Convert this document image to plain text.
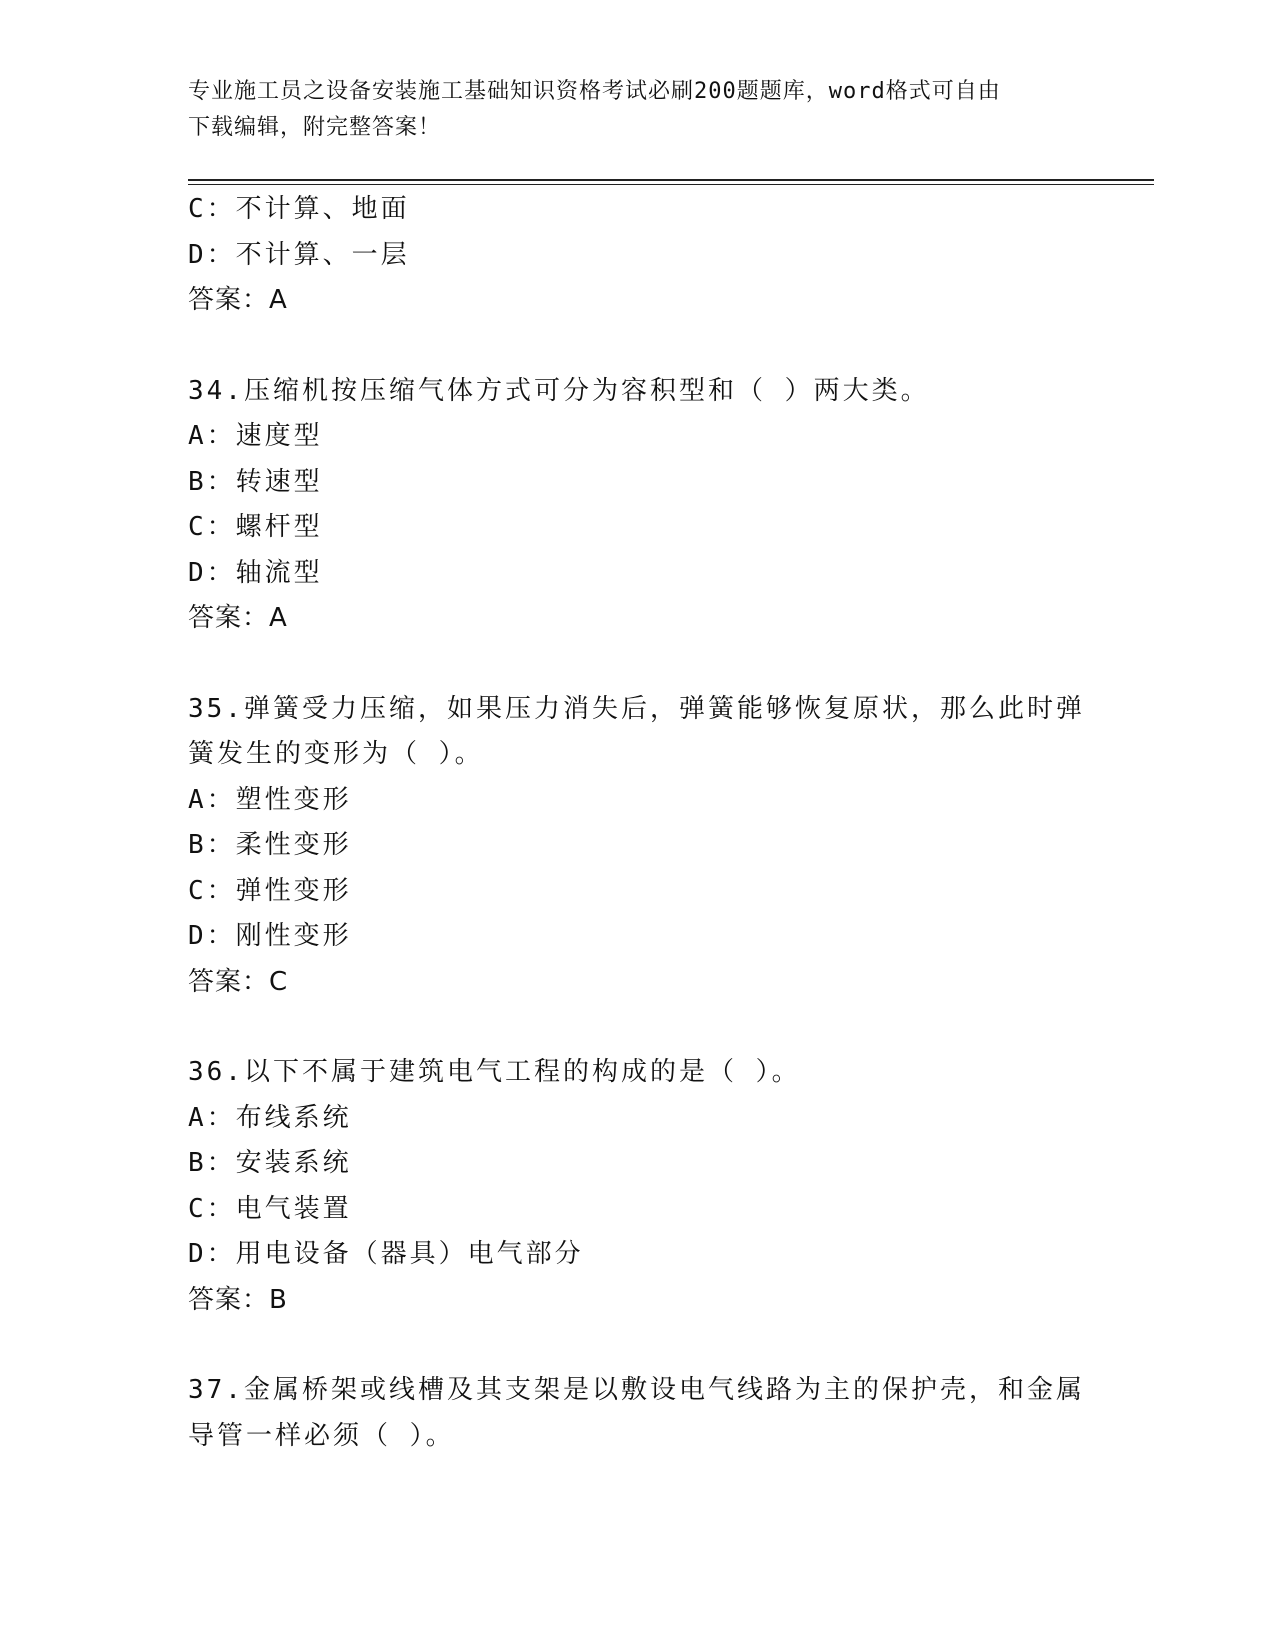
专业施工员之设备安装施工基础知识资格考试必刷200题题库，word格式可自由
下载编辑，附完整答案！
C：不计算、地面
D：不计算、一层
答案：A
34.压缩机按压缩气体方式可分为容积型和（ ）两大类。
A：速度型
B：转速型
C：螺杆型
D：轴流型
答案：A
35.弹簧受力压缩，如果压力消失后，弹簧能够恢复原状，那么此时弹
簧发生的变形为（ ）。
A：塑性变形
B：柔性变形
C：弹性变形
D：刚性变形
答案：C
36.以下不属于建筑电气工程的构成的是（ ）。
A：布线系统
B：安装系统
C：电气装置
D：用电设备（器具）电气部分
答案：B
37.金属桥架或线槽及其支架是以敷设电气线路为主的保护壳，和金属
导管一样必须（ ）。
